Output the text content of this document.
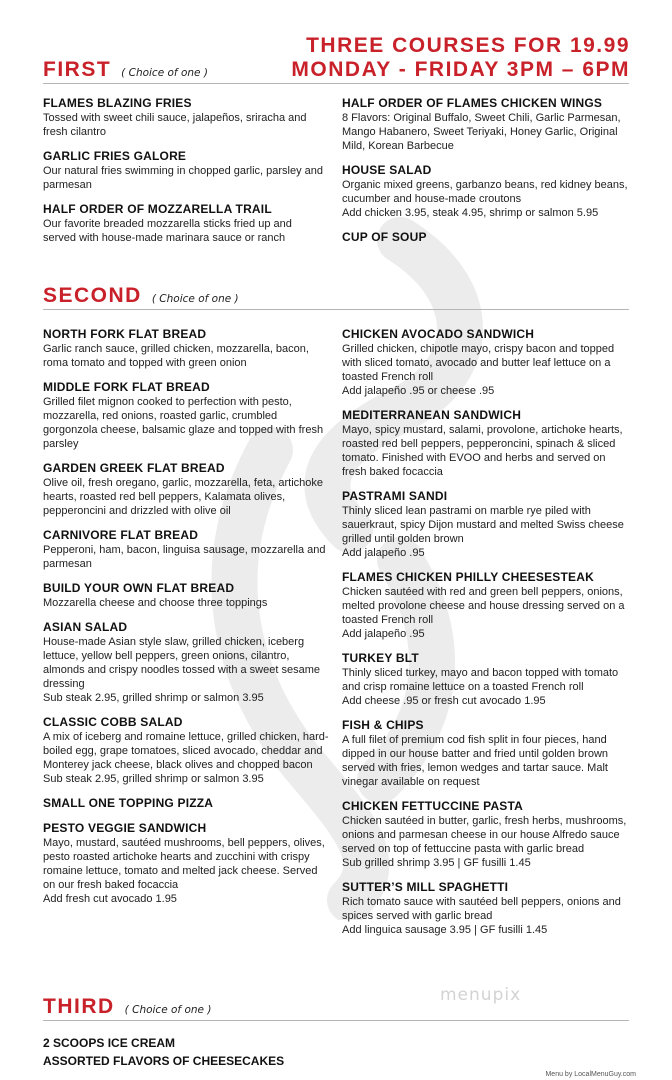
THREE COURSES FOR 19.99
MONDAY - FRIDAY 3PM – 6PM
FIRST ( Choice of one )
FLAMES BLAZING FRIES
Tossed with sweet chili sauce, jalapeños, sriracha and fresh cilantro
GARLIC FRIES GALORE
Our natural fries swimming in chopped garlic, parsley and parmesan
HALF ORDER OF MOZZARELLA TRAIL
Our favorite breaded mozzarella sticks fried up and served with house-made marinara sauce or ranch
HALF ORDER OF FLAMES CHICKEN WINGS
8 Flavors: Original Buffalo, Sweet Chili, Garlic Parmesan, Mango Habanero, Sweet Teriyaki, Honey Garlic, Original Mild, Korean Barbecue
HOUSE SALAD
Organic mixed greens, garbanzo beans, red kidney beans, cucumber and house-made croutons
Add chicken 3.95, steak 4.95, shrimp or salmon 5.95
CUP OF SOUP
SECOND ( Choice of one )
NORTH FORK FLAT BREAD
Garlic ranch sauce, grilled chicken, mozzarella, bacon, roma tomato and topped with green onion
MIDDLE FORK FLAT BREAD
Grilled filet mignon cooked to perfection with pesto, mozzarella, red onions, roasted garlic, crumbled gorgonzola cheese, balsamic glaze and topped with fresh parsley
GARDEN GREEK FLAT BREAD
Olive oil, fresh oregano, garlic, mozzarella, feta, artichoke hearts, roasted red bell peppers, Kalamata olives, pepperoncini and drizzled with olive oil
CARNIVORE FLAT BREAD
Pepperoni, ham, bacon, linguisa sausage, mozzarella and parmesan
BUILD YOUR OWN FLAT BREAD
Mozzarella cheese and choose three toppings
ASIAN SALAD
House-made Asian style slaw, grilled chicken, iceberg lettuce, yellow bell peppers, green onions, cilantro, almonds and crispy noodles tossed with a sweet sesame dressing
Sub steak 2.95, grilled shrimp or salmon 3.95
CLASSIC COBB SALAD
A mix of iceberg and romaine lettuce, grilled chicken, hard-boiled egg, grape tomatoes, sliced avocado, cheddar and Monterey jack cheese, black olives and chopped bacon
Sub steak 2.95, grilled shrimp or salmon 3.95
SMALL ONE TOPPING PIZZA
PESTO VEGGIE SANDWICH
Mayo, mustard, sautéed mushrooms, bell peppers, olives, pesto roasted artichoke hearts and zucchini with crispy romaine lettuce, tomato and melted jack cheese. Served on our fresh baked focaccia
Add fresh cut avocado 1.95
CHICKEN AVOCADO SANDWICH
Grilled chicken, chipotle mayo, crispy bacon and topped with sliced tomato, avocado and butter leaf lettuce on a toasted French roll
Add jalapeño .95 or cheese .95
MEDITERRANEAN SANDWICH
Mayo, spicy mustard, salami, provolone, artichoke hearts, roasted red bell peppers, pepperoncini, spinach & sliced tomato. Finished with EVOO and herbs and served on fresh baked focaccia
PASTRAMI SANDI
Thinly sliced lean pastrami on marble rye piled with sauerkraut, spicy Dijon mustard and melted Swiss cheese grilled until golden brown
Add jalapeño .95
FLAMES CHICKEN PHILLY CHEESESTEAK
Chicken sautéed with red and green bell peppers, onions, melted provolone cheese and house dressing served on a toasted French roll
Add jalapeño .95
TURKEY BLT
Thinly sliced turkey, mayo and bacon topped with tomato and crisp romaine lettuce on a toasted French roll
Add cheese .95 or fresh cut avocado 1.95
FISH & CHIPS
A full filet of premium cod fish split in four pieces, hand dipped in our house batter and fried until golden brown served with fries, lemon wedges and tartar sauce. Malt vinegar available on request
CHICKEN FETTUCCINE PASTA
Chicken sautéed in butter, garlic, fresh herbs, mushrooms, onions and parmesan cheese in our house Alfredo sauce served on top of fettuccine pasta with garlic bread
Sub grilled shrimp 3.95 | GF fusilli 1.45
SUTTER’S MILL SPAGHETTI
Rich tomato sauce with sautéed bell peppers, onions and spices served with garlic bread
Add linguica sausage 3.95 | GF fusilli 1.45
menupix
THIRD ( Choice of one )
2 SCOOPS ICE CREAM
ASSORTED FLAVORS OF CHEESECAKES
Menu by LocalMenuGuy.com
